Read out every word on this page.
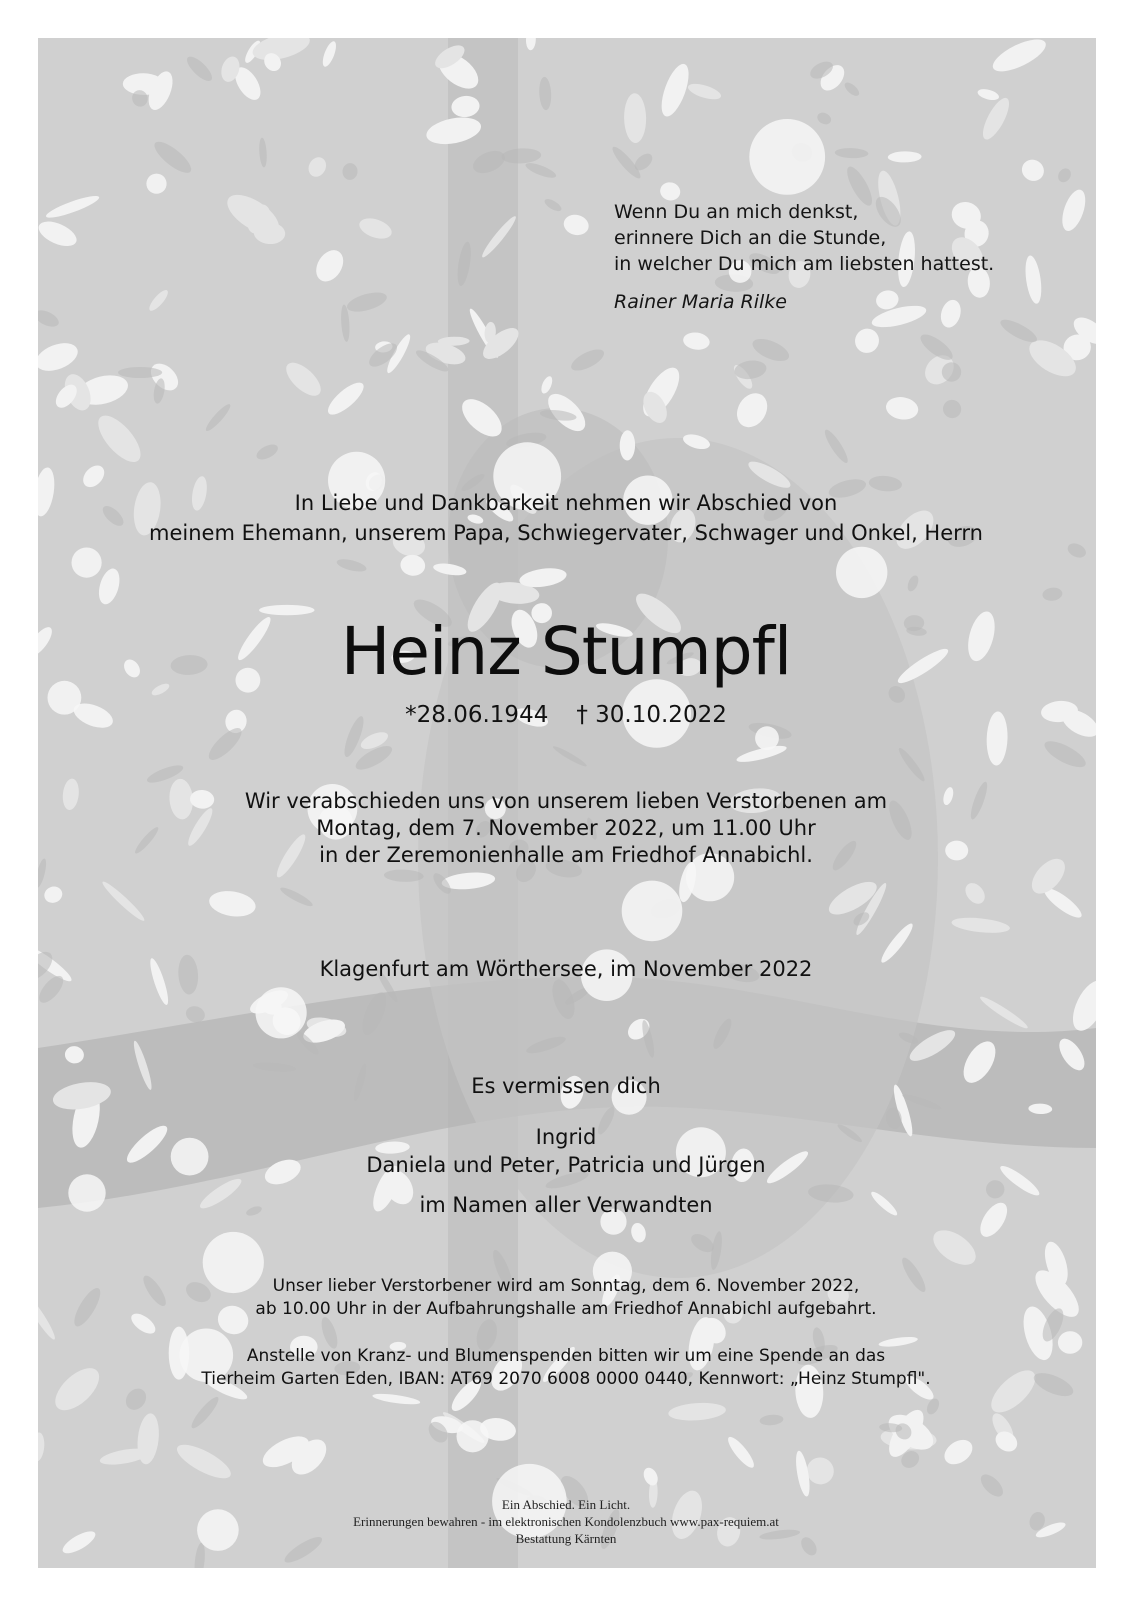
Wenn Du an mich denkst,
erinnere Dich an die Stunde,
in welcher Du mich am liebsten hattest.
Rainer Maria Rilke
In Liebe und Dankbarkeit nehmen wir Abschied von
meinem Ehemann, unserem Papa, Schwiegervater, Schwager und Onkel, Herrn
Heinz Stumpfl
*28.06.1944 † 30.10.2022
Wir verabschieden uns von unserem lieben Verstorbenen am
Montag, dem 7. November 2022, um 11.00 Uhr
in der Zeremonienhalle am Friedhof Annabichl.
Klagenfurt am Wörthersee, im November 2022
Es vermissen dich
Ingrid
Daniela und Peter, Patricia und Jürgen
im Namen aller Verwandten
Unser lieber Verstorbener wird am Sonntag, dem 6. November 2022,
ab 10.00 Uhr in der Aufbahrungshalle am Friedhof Annabichl aufgebahrt.
Anstelle von Kranz- und Blumenspenden bitten wir um eine Spende an das
Tierheim Garten Eden, IBAN: AT69 2070 6008 0000 0440, Kennwort: „Heinz Stumpfl".
Ein Abschied. Ein Licht.
Erinnerungen bewahren - im elektronischen Kondolenzbuch www.pax-requiem.at
Bestattung Kärnten
